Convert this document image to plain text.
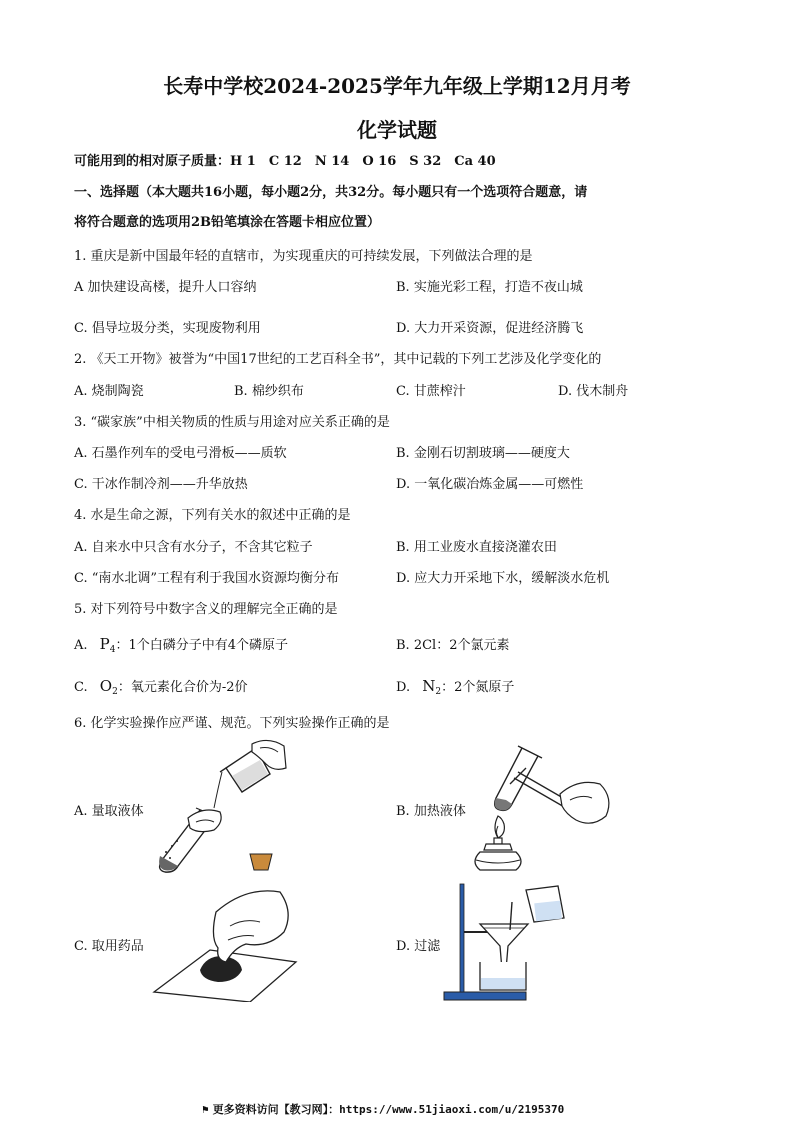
长寿中学校2024-2025学年九年级上学期12月月考
化学试题
可能用到的相对原子质量：H 1　C 12　N 14　O 16　S 32　Ca 40
一、选择题（本大题共16小题，每小题2分，共32分。每小题只有一个选项符合题意，请
将符合题意的选项用2B铅笔填涂在答题卡相应位置）
1. 重庆是新中国最年轻的直辖市，为实现重庆的可持续发展，下列做法合理的是
A 加快建设高楼，提升人口容纳	B. 实施光彩工程，打造不夜山城
C. 倡导垃圾分类，实现废物利用	D. 大力开采资源，促进经济腾飞
2. 《天工开物》被誉为“中国17世纪的工艺百科全书”，其中记载的下列工艺涉及化学变化的
A. 烧制陶瓷	B. 棉纱织布	C. 甘蔗榨汁	D. 伐木制舟
3. “碳家族”中相关物质的性质与用途对应关系正确的是
A. 石墨作列车的受电弓滑板——质软	B. 金刚石切割玻璃——硬度大
C. 干冰作制冷剂——升华放热	D. 一氧化碳冶炼金属——可燃性
4. 水是生命之源，下列有关水的叙述中正确的是
A. 自来水中只含有水分子，不含其它粒子	B. 用工业废水直接浇灌农田
C. “南水北调”工程有利于我国水资源均衡分布	D. 应大力开采地下水，缓解淡水危机
5. 对下列符号中数字含义的理解完全正确的是
A. $P_4$：1个白磷分子中有4个磷原子	B. 2Cl：2个氯元素
C. $O_2$：氧元素化合价为-2价	D. $N_2$：2个氮原子
6. 化学实验操作应严谨、规范。下列实验操作正确的是
A. 量取液体	B. 加热液体
C. 取用药品	D. 过滤
⚑ 更多资料访问【教习网】：https://www.51jiaoxi.com/u/2195370
